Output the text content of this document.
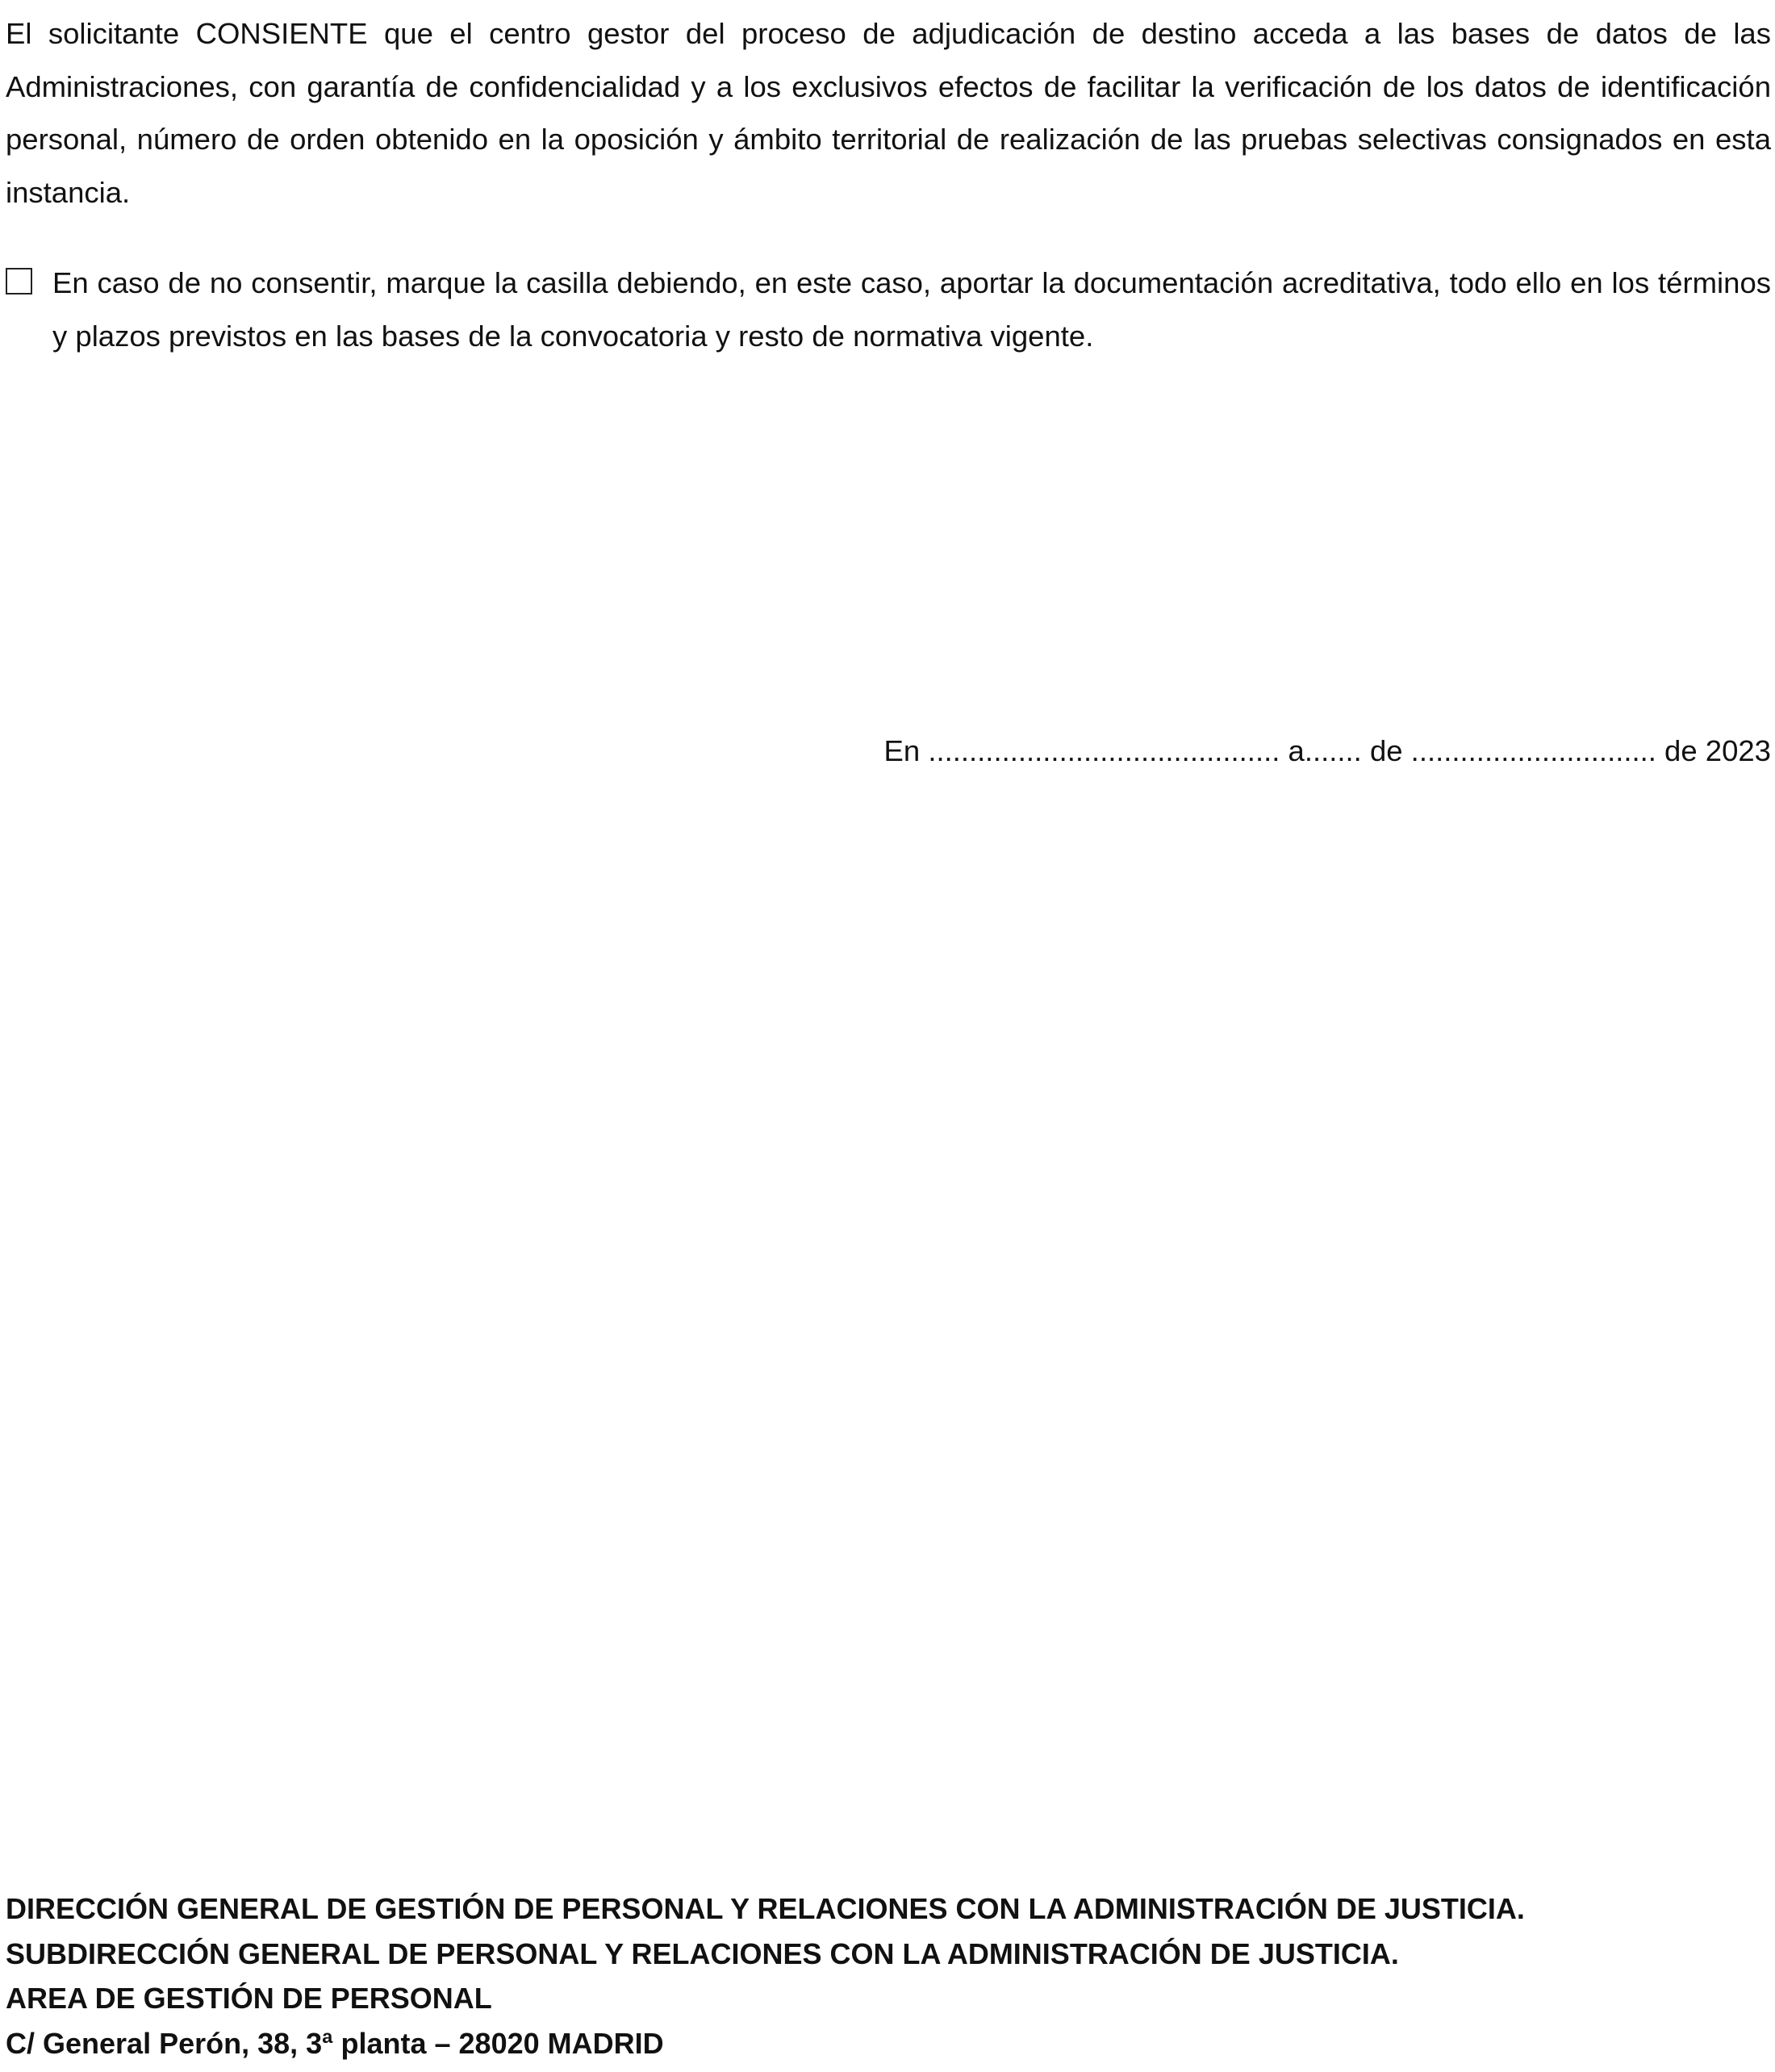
El solicitante CONSIENTE que el centro gestor del proceso de adjudicación de destino acceda a las bases de datos de las Administraciones, con garantía de confidencialidad y a los exclusivos efectos de facilitar la verificación de los datos de identificación personal, número de orden obtenido en la oposición y ámbito territorial de realización de las pruebas selectivas consignados en esta instancia.

En caso de no consentir, marque la casilla debiendo, en este caso, aportar la documentación acreditativa, todo ello en los términos y plazos previstos en las bases de la convocatoria y resto de normativa vigente.

En ........................................... a....... de .............................. de 2023

DIRECCIÓN GENERAL DE GESTIÓN DE PERSONAL Y RELACIONES CON LA ADMINISTRACIÓN DE JUSTICIA.

SUBDIRECCIÓN GENERAL DE PERSONAL Y RELACIONES CON LA ADMINISTRACIÓN DE JUSTICIA.

AREA DE GESTIÓN DE PERSONAL

C/ General Perón, 38, 3ª planta – 28020 MADRID
